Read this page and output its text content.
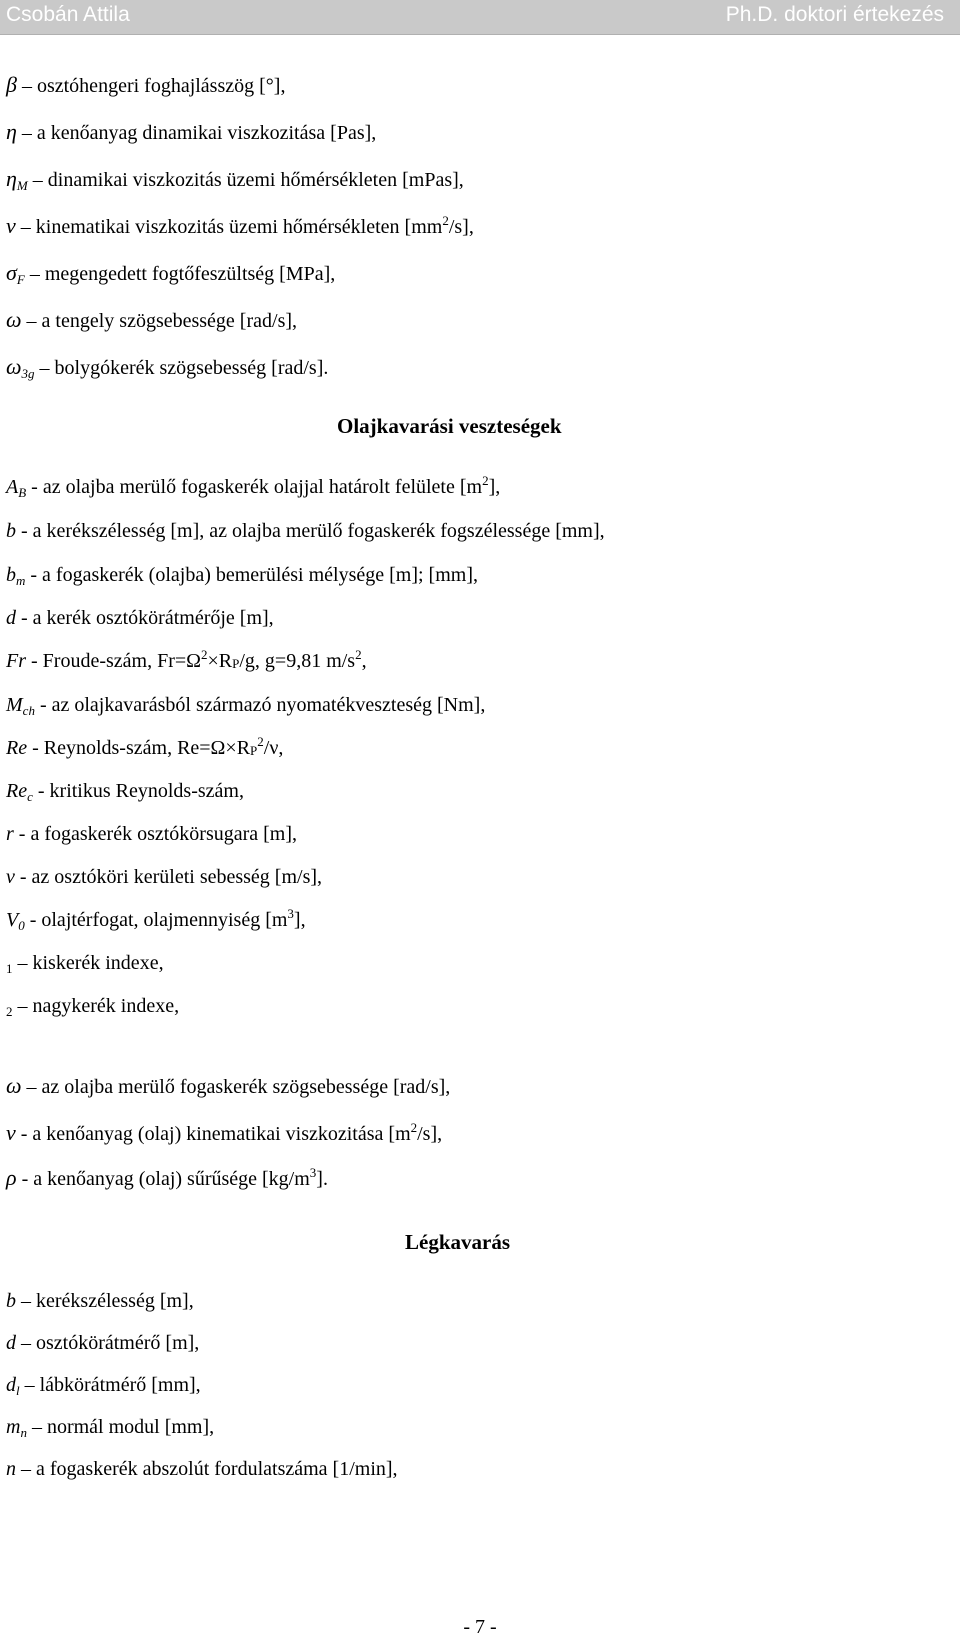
Csobán Attila	Ph.D. doktori értekezés
β – osztóhengeri foghajlásszög [°],
η – a kenőanyag dinamikai viszkozitása [Pas],
$\eta_M$ – dinamikai viszkozitás üzemi hőmérsékleten [mPas],
ν – kinematikai viszkozitás üzemi hőmérsékleten $[mm^2/s]$,
$\sigma_F$ – megengedett fogtőfeszültség [MPa],
ω – a tengely szögsebessége [rad/s],
$\omega_{3g}$ – bolygókerék szögsebesség [rad/s].
Olajkavarási veszteségek
$A_B$ - az olajba merülő fogaskerék olajjal határolt felülete $[m^2]$,
b - a kerékszélesség [m], az olajba merülő fogaskerék fogszélessége [mm],
$b_m$ - a fogaskerék (olajba) bemerülési mélysége [m]; [mm],
d - a kerék osztókörátmérője [m],
Fr - Froude-szám, $Fr=\Omega^2\times RP/g$, g=9,81 $m/s^2$,
$M_{ch}$ - az olajkavarásból származó nyomatékveszteség [Nm],
Re - Reynolds-szám, $Re=\Omega\times RP^2/\nu$,
$Re_c$ - kritikus Reynolds-szám,
r - a fogaskerék osztókörsugara [m],
v - az osztóköri kerületi sebesség [m/s],
$V_0$ - olajtérfogat, olajmennyiség $[m^3]$,
$_1$ – kiskerék indexe,
$_2$ – nagykerék indexe,
ω – az olajba merülő fogaskerék szögsebessége [rad/s],
ν - a kenőanyag (olaj) kinematikai viszkozitása $[m^2/s]$,
ρ - a kenőanyag (olaj) sűrűsége $[kg/m^3]$.
Légkavarás
b – kerékszélesség [m],
d – osztókörátmérő [m],
$d_l$ – lábkörátmérő [mm],
$m_n$ – normál modul [mm],
n – a fogaskerék abszolút fordulatszáma [1/min],
- 7 -
